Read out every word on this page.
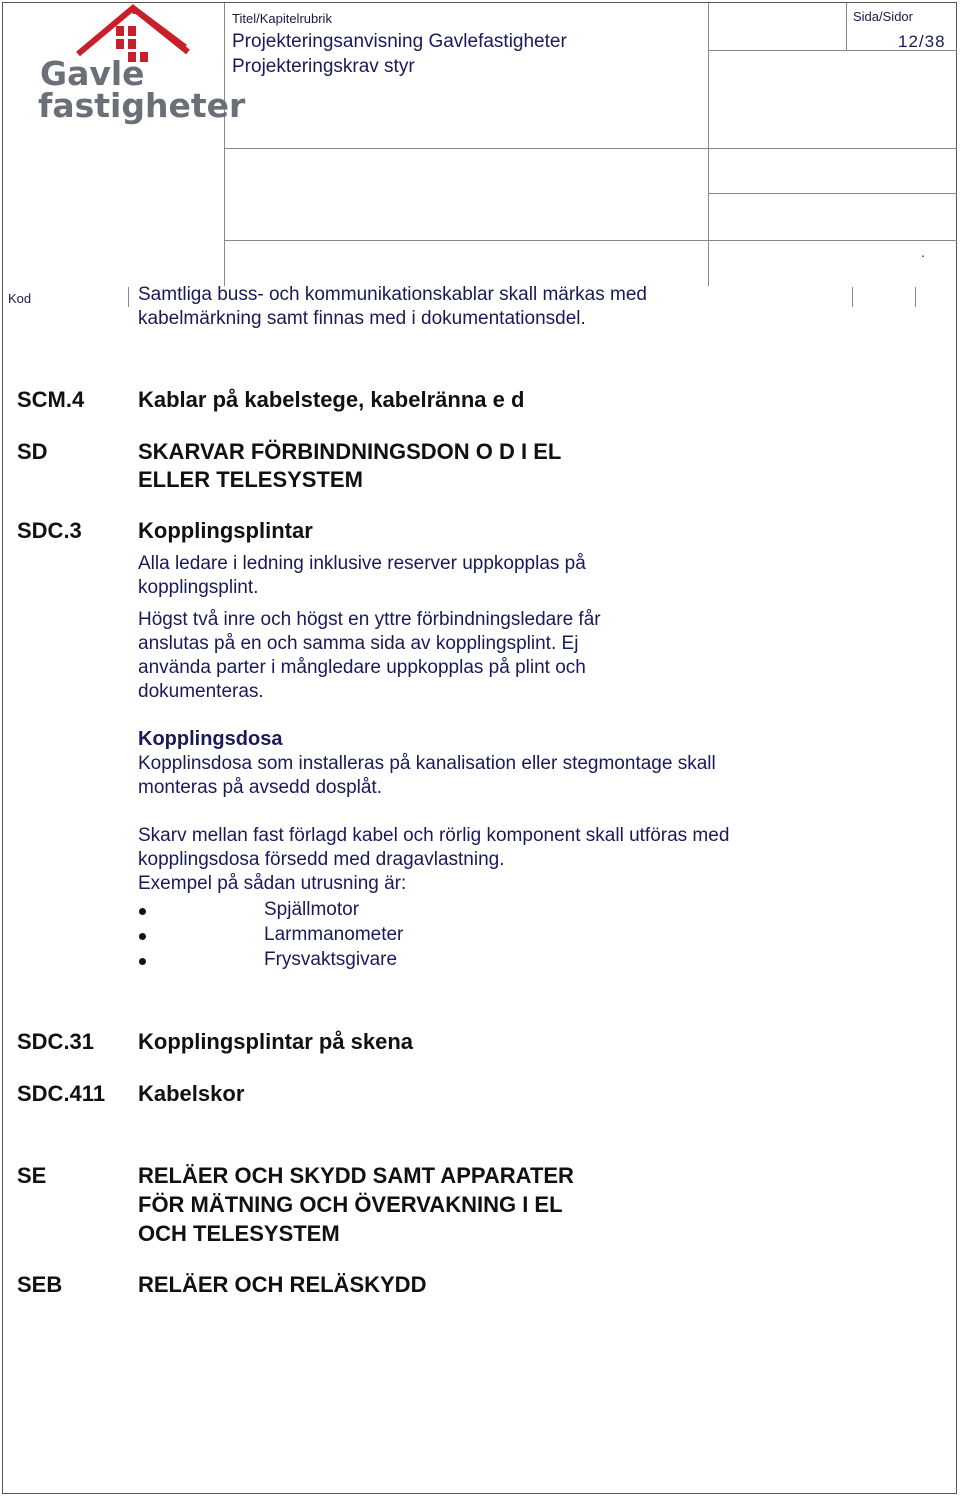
Gavle
fastigheter
Titel/Kapitelrubrik
Projekteringsanvisning Gavlefastigheter
Projekteringskrav styr
Sida/Sidor
12/38
.
Kod	Samtliga buss- och kommunikationskablar skall märkas med
kabelmärkning samt finnas med i dokumentationsdel.
SCM.4 Kablar på kabelstege, kabelränna e d
SD	SKARVAR FÖRBINDNINGSDON O D I EL
ELLER TELESYSTEM
SDC.3	Kopplingsplintar
Alla ledare i ledning inklusive reserver uppkopplas på
kopplingsplint.
Högst två inre och högst en yttre förbindningsledare får
anslutas på en och samma sida av kopplingsplint. Ej
använda parter i mångledare uppkopplas på plint och
dokumenteras.
Kopplingsdosa
Kopplinsdosa som installeras på kanalisation eller stegmontage skall
monteras på avsedd dosplåt.
Skarv mellan fast förlagd kabel och rörlig komponent skall utföras med
kopplingsdosa försedd med dragavlastning.
Exempel på sådan utrusning är:
Spjällmotor
Larmmanometer
Frysvaktsgivare
SDC.31 Kopplingsplintar på skena
SDC.411 Kabelskor
SE	RELÄER OCH SKYDD SAMT APPARATER
FÖR MÄTNING OCH ÖVERVAKNING I EL
OCH TELESYSTEM
SEB	RELÄER OCH RELÄSKYDD
